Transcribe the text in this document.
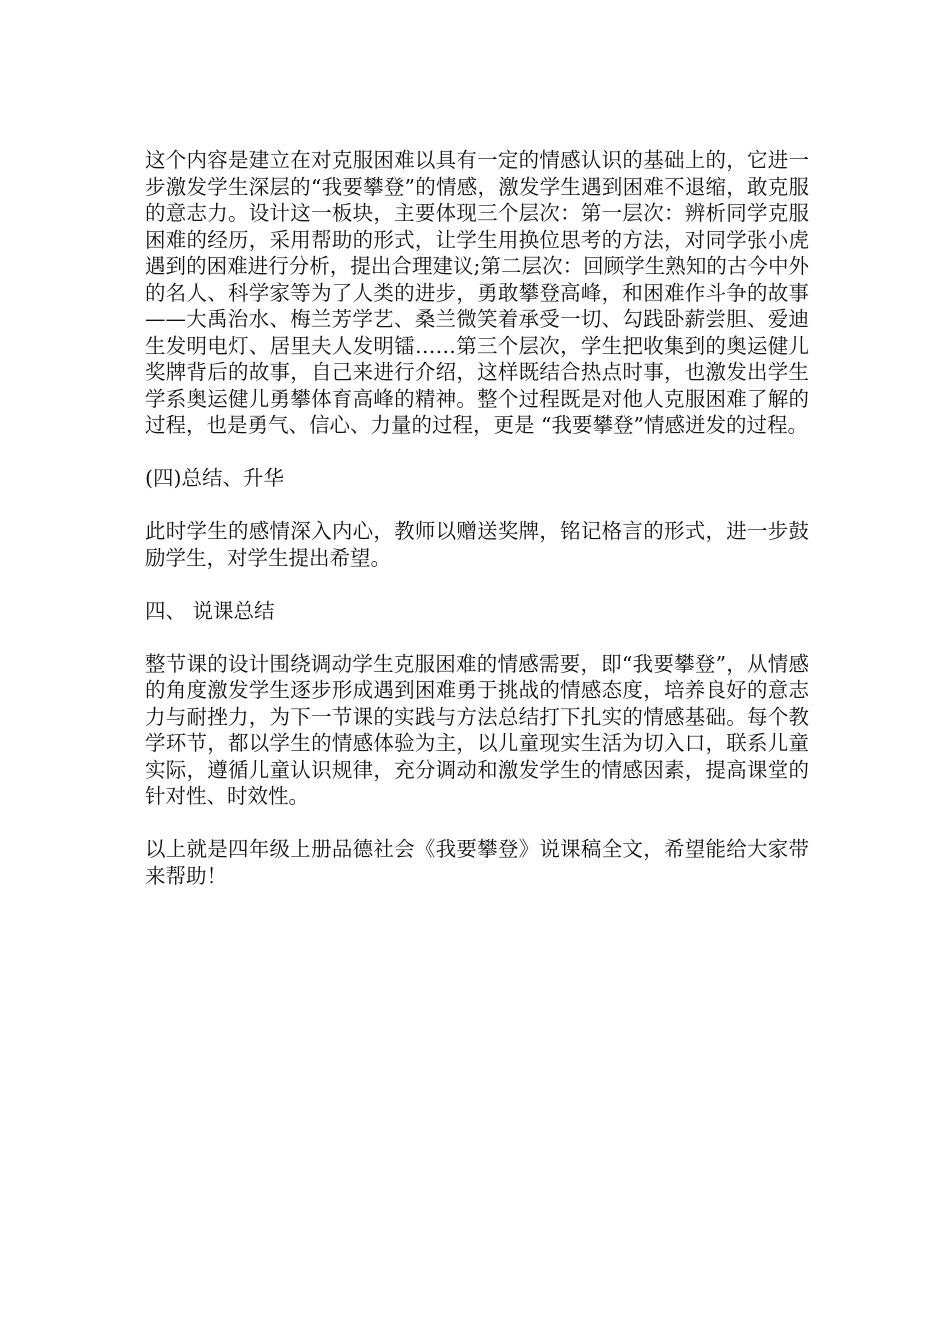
这个内容是建立在对克服困难以具有一定的情感认识的基础上的，它进一步激发学生深层的“我要攀登”的情感，激发学生遇到困难不退缩，敢克服的意志力。设计这一板块，主要体现三个层次：第一层次：辨析同学克服困难的经历，采用帮助的形式，让学生用换位思考的方法，对同学张小虎遇到的困难进行分析，提出合理建议;第二层次：回顾学生熟知的古今中外的名人、科学家等为了人类的进步，勇敢攀登高峰，和困难作斗争的故事——大禹治水、梅兰芳学艺、桑兰微笑着承受一切、勾践卧薪尝胆、爱迪生发明电灯、居里夫人发明镭……第三个层次，学生把收集到的奥运健儿奖牌背后的故事，自己来进行介绍，这样既结合热点时事，也激发出学生学系奥运健儿勇攀体育高峰的精神。整个过程既是对他人克服困难了解的过程，也是勇气、信心、力量的过程，更是 “我要攀登”情感迸发的过程。

(四)总结、升华

此时学生的感情深入内心，教师以赠送奖牌，铭记格言的形式，进一步鼓励学生，对学生提出希望。

四、 说课总结

整节课的设计围绕调动学生克服困难的情感需要，即“我要攀登”，从情感的角度激发学生逐步形成遇到困难勇于挑战的情感态度，培养良好的意志力与耐挫力，为下一节课的实践与方法总结打下扎实的情感基础。每个教学环节，都以学生的情感体验为主，以儿童现实生活为切入口，联系儿童实际，遵循儿童认识规律，充分调动和激发学生的情感因素，提高课堂的针对性、时效性。

以上就是四年级上册品德社会《我要攀登》说课稿全文，希望能给大家带来帮助！
